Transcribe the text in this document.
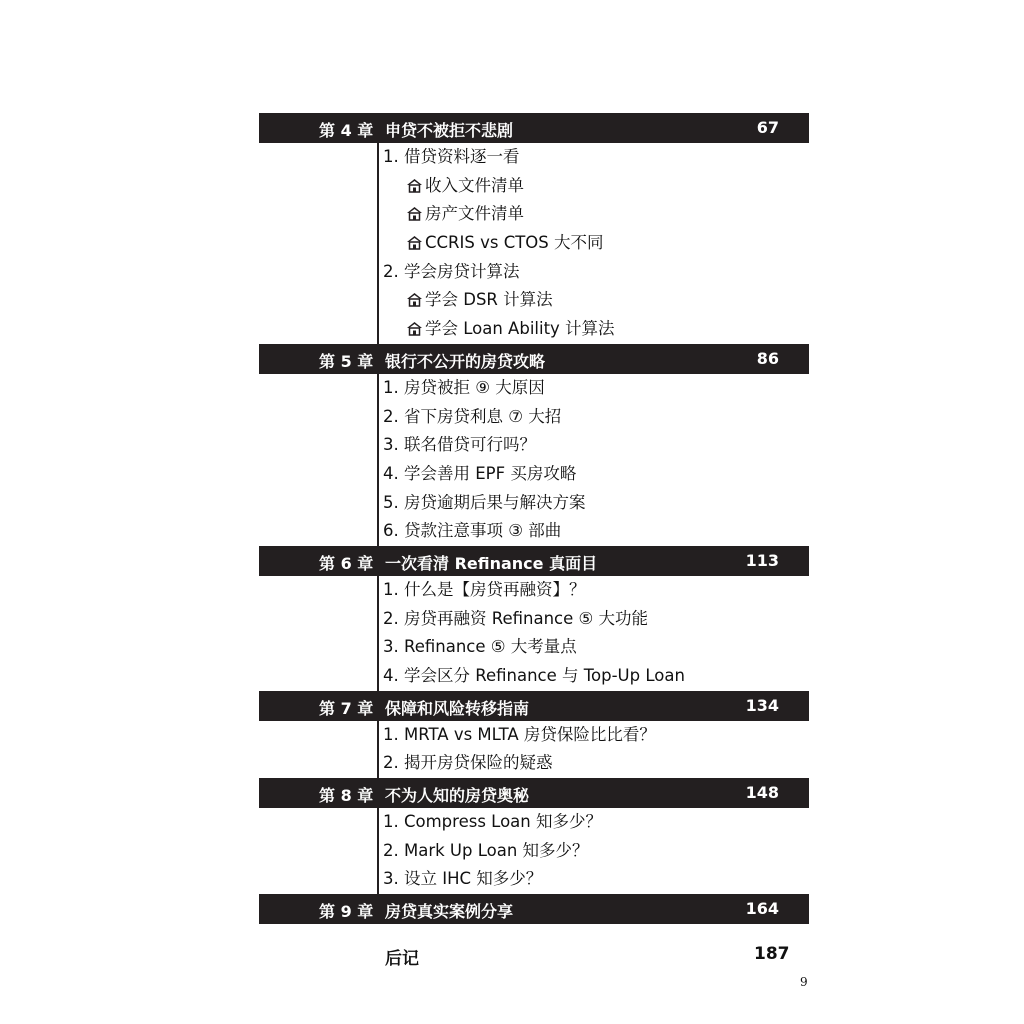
第 4 章 申贷不被拒不悲剧	67
1. 借贷资料逐一看
收入文件清单
房产文件清单
CCRIS vs CTOS 大不同
2. 学会房贷计算法
学会 DSR 计算法
学会 Loan Ability 计算法
第 5 章 银行不公开的房贷攻略	86
1. 房贷被拒 ⑨ 大原因
2. 省下房贷利息 ⑦ 大招
3. 联名借贷可行吗？
4. 学会善用 EPF 买房攻略
5. 房贷逾期后果与解决方案
6. 贷款注意事项 ③ 部曲
第 6 章 一次看清 Refinance 真面目	113
1. 什么是【房贷再融资】？
2. 房贷再融资 Refinance ⑤ 大功能
3. Refinance ⑤ 大考量点
4. 学会区分 Refinance 与 Top-Up Loan
第 7 章 保障和风险转移指南	134
1. MRTA vs MLTA 房贷保险比比看？
2. 揭开房贷保险的疑惑
第 8 章 不为人知的房贷奥秘	148
1. Compress Loan 知多少？
2. Mark Up Loan 知多少？
3. 设立 IHC 知多少？
第 9 章 房贷真实案例分享	164
后记	187
9
